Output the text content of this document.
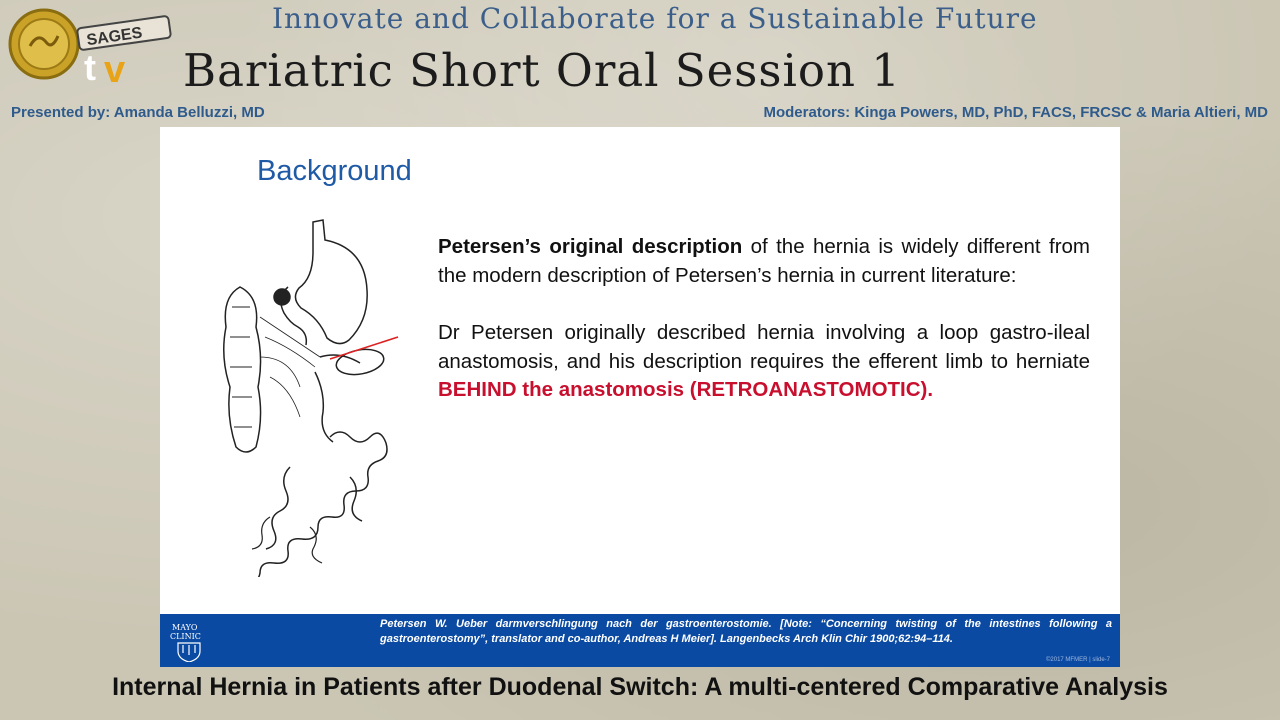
SAGES
t v
Innovate and Collaborate for a Sustainable Future
Bariatric Short Oral Session 1
Presented by: Amanda Belluzzi, MD	Moderators: Kinga Powers, MD, PhD, FACS, FRCSC & Maria Altieri, MD
Background

Petersen’s original description of the hernia is widely different from the modern description of Petersen’s hernia in current literature:

Dr Petersen originally described hernia involving a loop gastro-ileal anastomosis, and his description requires the efferent limb to herniate BEHIND the anastomosis (RETROANASTOMOTIC).

MAYO
CLINIC
Petersen W. Ueber darmverschlingung nach der gastroenterostomie. [Note: “Concerning twisting of the intestines following a gastroenterostomy”, translator and co-author, Andreas H Meier]. Langenbecks Arch Klin Chir 1900;62:94–114.
©2017 MFMER | slide-7
Internal Hernia in Patients after Duodenal Switch: A multi-centered Comparative Analysis
